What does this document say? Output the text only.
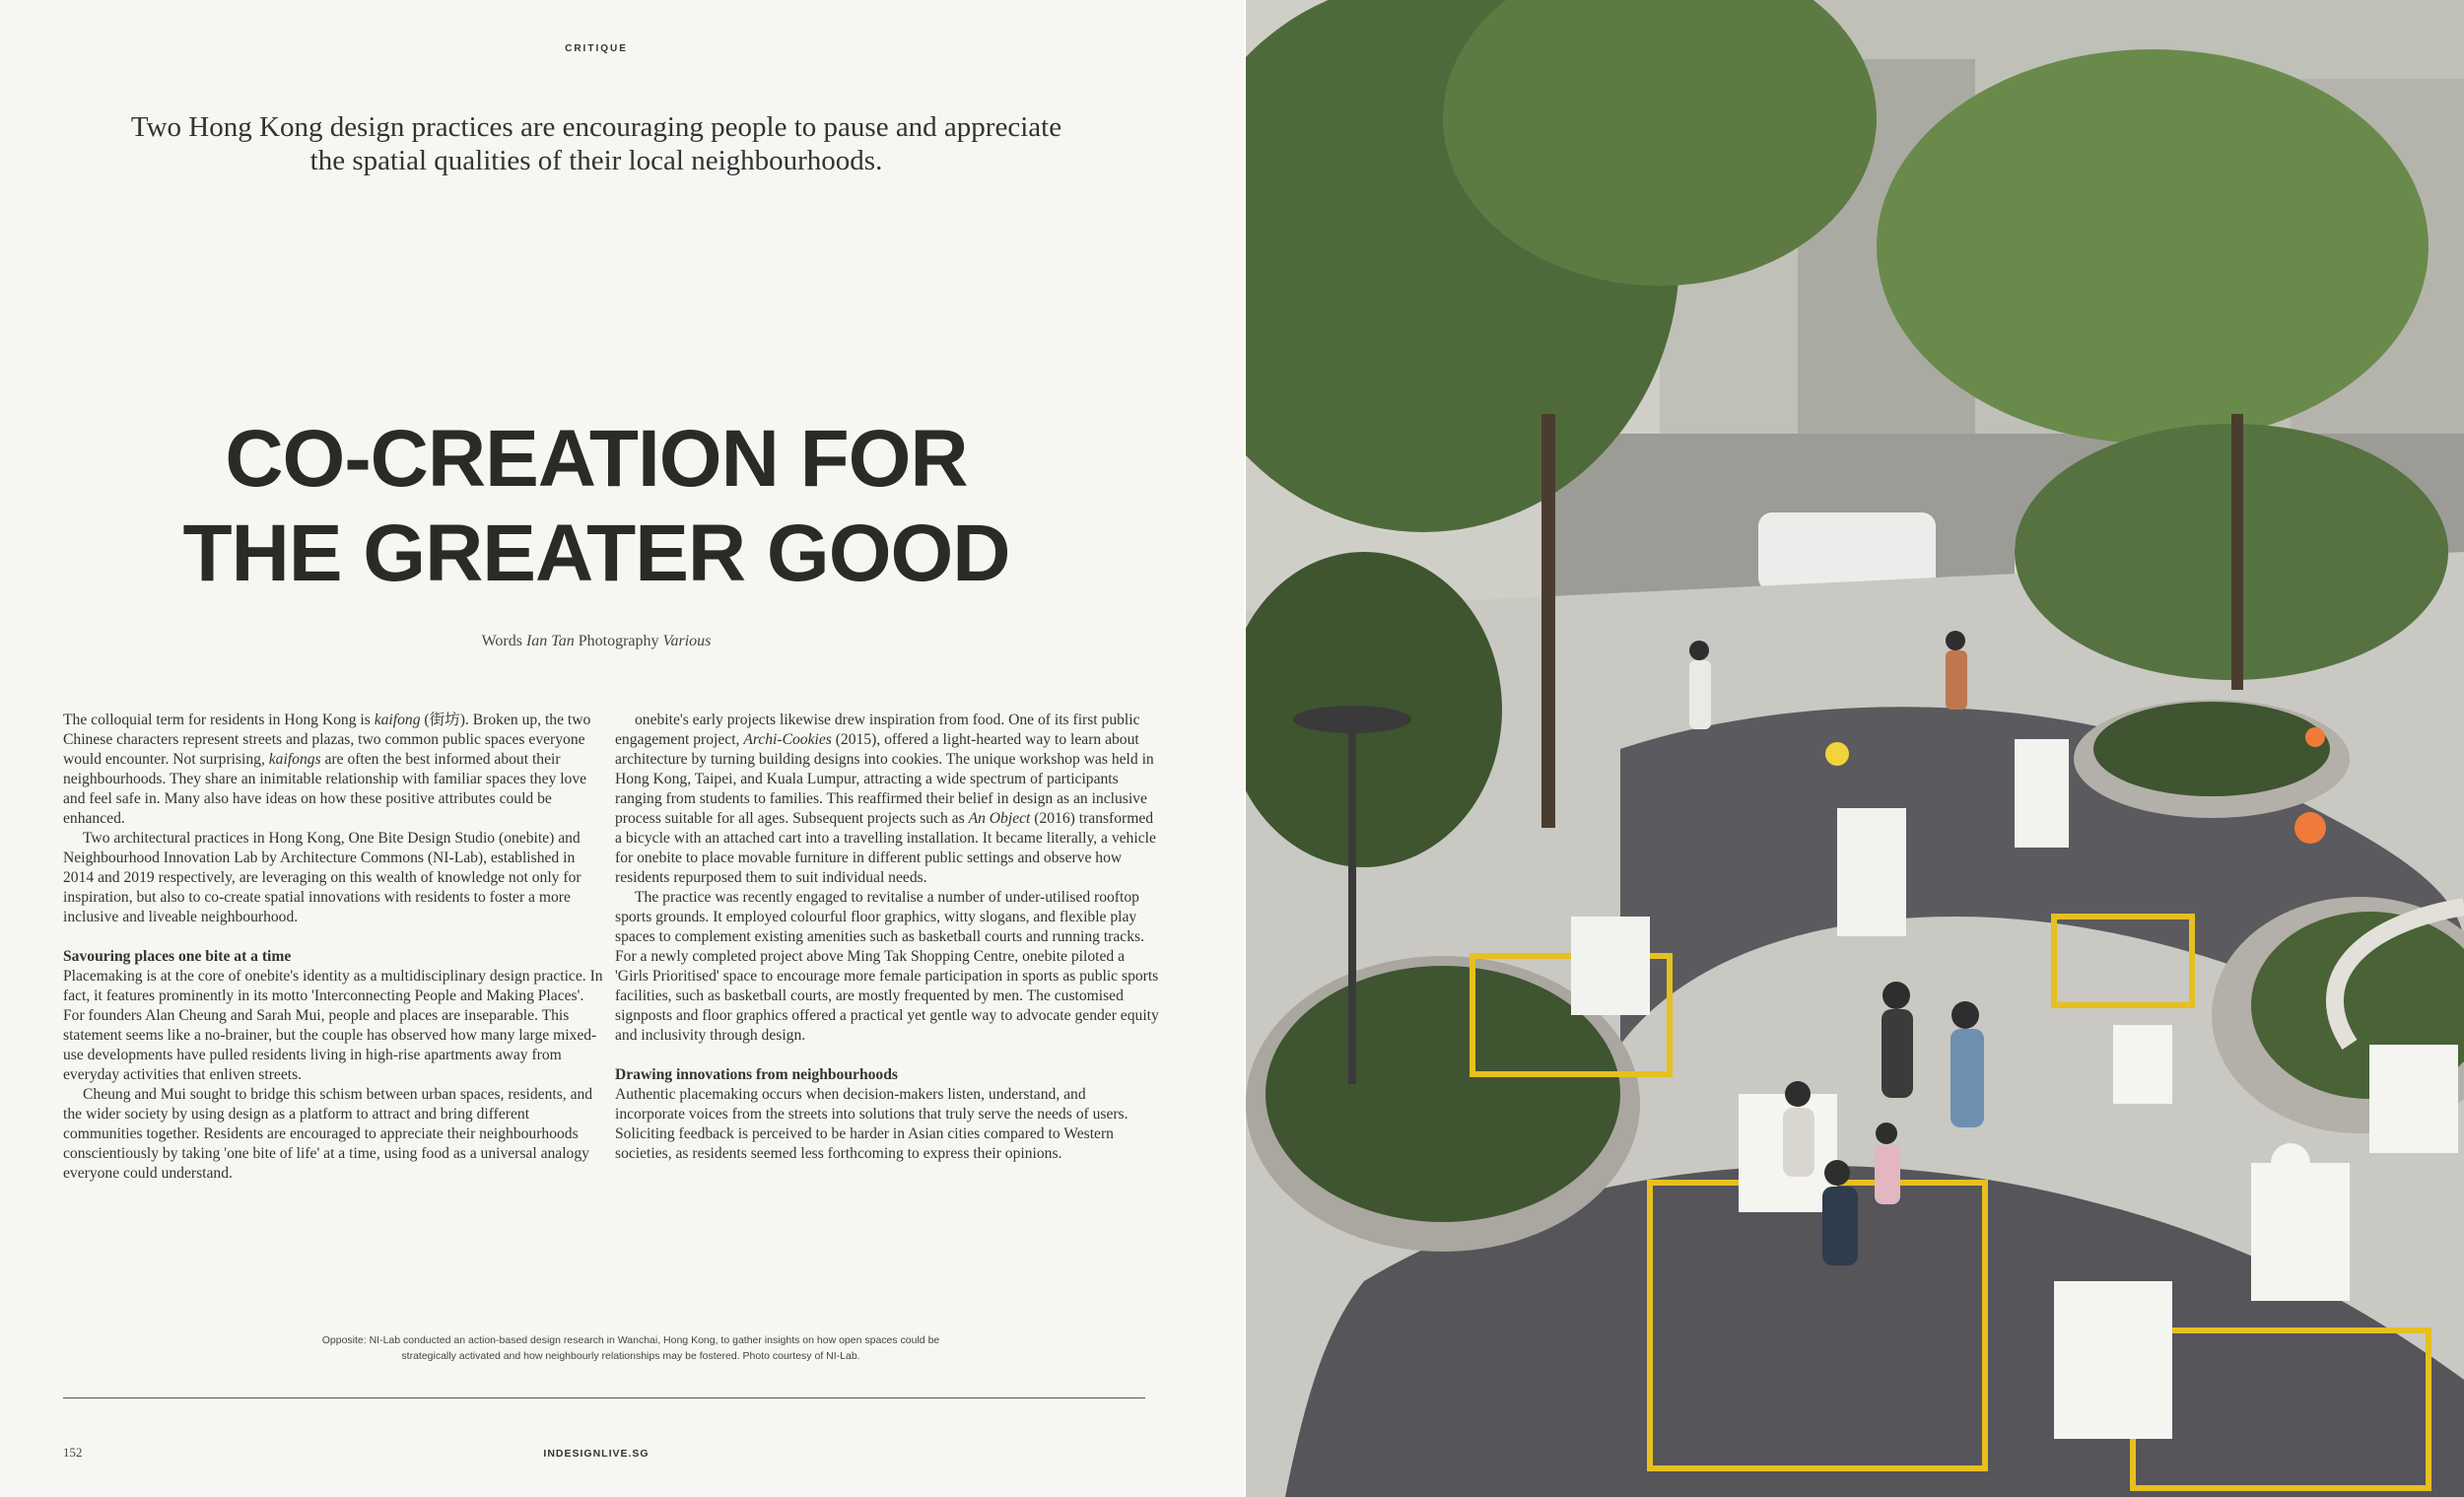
CRITIQUE
Two Hong Kong design practices are encouraging people to pause and appreciate the spatial qualities of their local neighbourhoods.
CO-CREATION FOR
THE GREATER GOOD
Words Ian Tan Photography Various

The colloquial term for residents in Hong Kong is kaifong (街坊). Broken up, the two Chinese characters represent streets and plazas, two common public spaces everyone would encounter. Not surprising, kaifongs are often the best informed about their neighbourhoods. They share an inimitable relationship with familiar spaces they love and feel safe in. Many also have ideas on how these positive attributes could be enhanced.

Two architectural practices in Hong Kong, One Bite Design Studio (onebite) and Neighbourhood Innovation Lab by Architecture Commons (NI-Lab), established in 2014 and 2019 respectively, are leveraging on this wealth of knowledge not only for inspiration, but also to co-create spatial innovations with residents to foster a more inclusive and liveable neighbourhood.

Savouring places one bite at a time

Placemaking is at the core of onebite's identity as a multidisciplinary design practice. In fact, it features prominently in its motto 'Interconnecting People and Making Places'. For founders Alan Cheung and Sarah Mui, people and places are inseparable. This statement seems like a no-brainer, but the couple has observed how many large mixed-use developments have pulled residents living in high-rise apartments away from everyday activities that enliven streets.

Cheung and Mui sought to bridge this schism between urban spaces, residents, and the wider society by using design as a platform to attract and bring different communities together. Residents are encouraged to appreciate their neighbourhoods conscientiously by taking 'one bite of life' at a time, using food as a universal analogy everyone could understand.

onebite's early projects likewise drew inspiration from food. One of its first public engagement project, Archi-Cookies (2015), offered a light-hearted way to learn about architecture by turning building designs into cookies. The unique workshop was held in Hong Kong, Taipei, and Kuala Lumpur, attracting a wide spectrum of participants ranging from students to families. This reaffirmed their belief in design as an inclusive process suitable for all ages. Subsequent projects such as An Object (2016) transformed a bicycle with an attached cart into a travelling installation. It became literally, a vehicle for onebite to place movable furniture in different public settings and observe how residents repurposed them to suit individual needs.

The practice was recently engaged to revitalise a number of under-utilised rooftop sports grounds. It employed colourful floor graphics, witty slogans, and flexible play spaces to complement existing amenities such as basketball courts and running tracks. For a newly completed project above Ming Tak Shopping Centre, onebite piloted a 'Girls Prioritised' space to encourage more female participation in sports as public sports facilities, such as basketball courts, are mostly frequented by men. The customised signposts and floor graphics offered a practical yet gentle way to advocate gender equity and inclusivity through design.

Drawing innovations from neighbourhoods

Authentic placemaking occurs when decision-makers listen, understand, and incorporate voices from the streets into solutions that truly serve the needs of users. Soliciting feedback is perceived to be harder in Asian cities compared to Western societies, as residents seemed less forthcoming to express their opinions.

Opposite: NI-Lab conducted an action-based design research in Wanchai, Hong Kong, to gather insights on how open spaces could be
strategically activated and how neighbourly relationships may be fostered. Photo courtesy of NI-Lab.
152	INDESIGNLIVE.SG
